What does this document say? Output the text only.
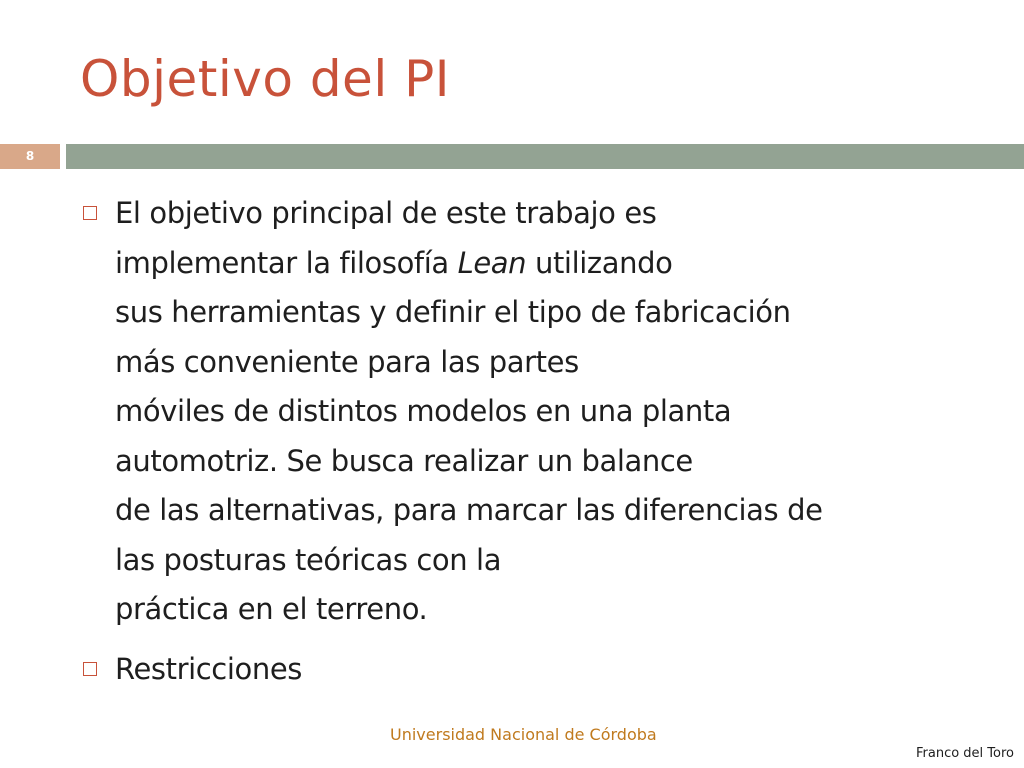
Objetivo del PI
8
El objetivo principal de este trabajo es
implementar la filosofía Lean utilizando
sus herramientas y definir el tipo de fabricación
más conveniente para las partes
móviles de distintos modelos en una planta
automotriz. Se busca realizar un balance
de las alternativas, para marcar las diferencias de
las posturas teóricas con la
práctica en el terreno.
Restricciones
Universidad Nacional de Córdoba
Franco del Toro
